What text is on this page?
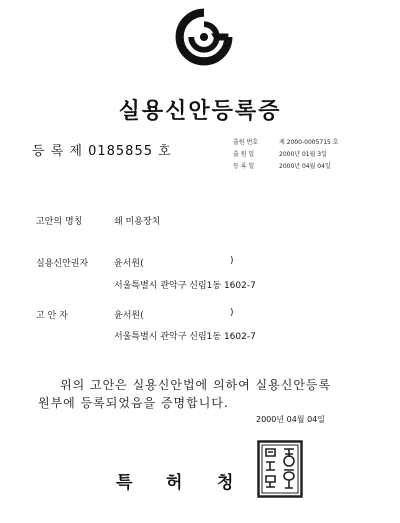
실용신안등록증
등 록 제 0185855 호
출원 번호	제 2000-0005715 호
출 원 일	2000년 01월 3일
등 록 일	2000년 04월 04일
고안의 명칭	쇄 미용장치
실용신안권자	윤서원(	)
서울특별시 관악구 신림1동 1602-7
고 안 자	윤서원(	)
서울특별시 관악구 신림1동 1602-7
위의 고안은 실용신안법에 의하여 실용신안등록
원부에 등록되었음을 증명합니다.
2000년 04월 04일
특 허 청
